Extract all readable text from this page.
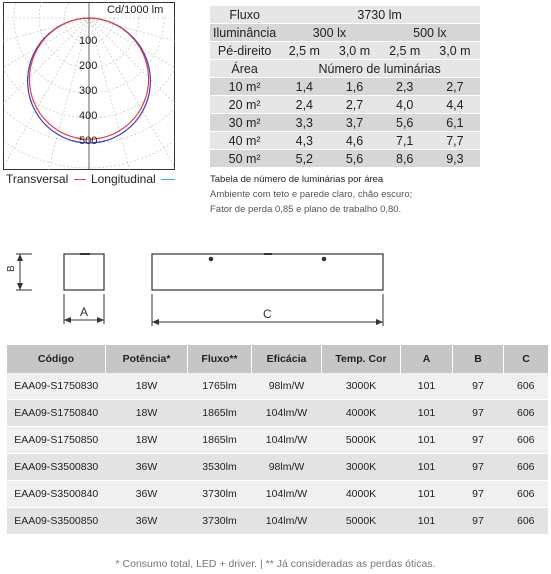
Cd/1000 lm
100
200
300
400
500
Transversal Longitudinal
Fluxo	3730 lm			
Iluminância	300 lx		500 lx	
Pé-direito	2,5 m	3,0 m	2,5 m	3,0 m
Área	Número de luminárias			
10 m²	1,4	1,6	2,3	2,7
20 m²	2,4	2,7	4,0	4,4
30 m²	3,3	3,7	5,6	6,1
40 m²	4,3	4,6	7,1	7,7
50 m²	5,2	5,6	8,6	9,3
Tabela de número de luminárias por área
Ambiente com teto e parede claro, chão escuro;
Fator de perda 0,85 e plano de trabalho 0,80.
B
A	C
Código	Potência*	Fluxo**	Eficácia	Temp. Cor	A	B	C
EAA09-S1750830	18W	1765lm	98lm/W	3000K	101	97	606
EAA09-S1750840	18W	1865lm	104lm/W	4000K	101	97	606
EAA09-S1750850	18W	1865lm	104lm/W	5000K	101	97	606
EAA09-S3500830	36W	3530lm	98lm/W	3000K	101	97	606
EAA09-S3500840	36W	3730lm	104lm/W	4000K	101	97	606
EAA09-S3500850	36W	3730lm	104lm/W	5000K	101	97	606
* Consumo total, LED + driver. | ** Já consideradas as perdas óticas.
